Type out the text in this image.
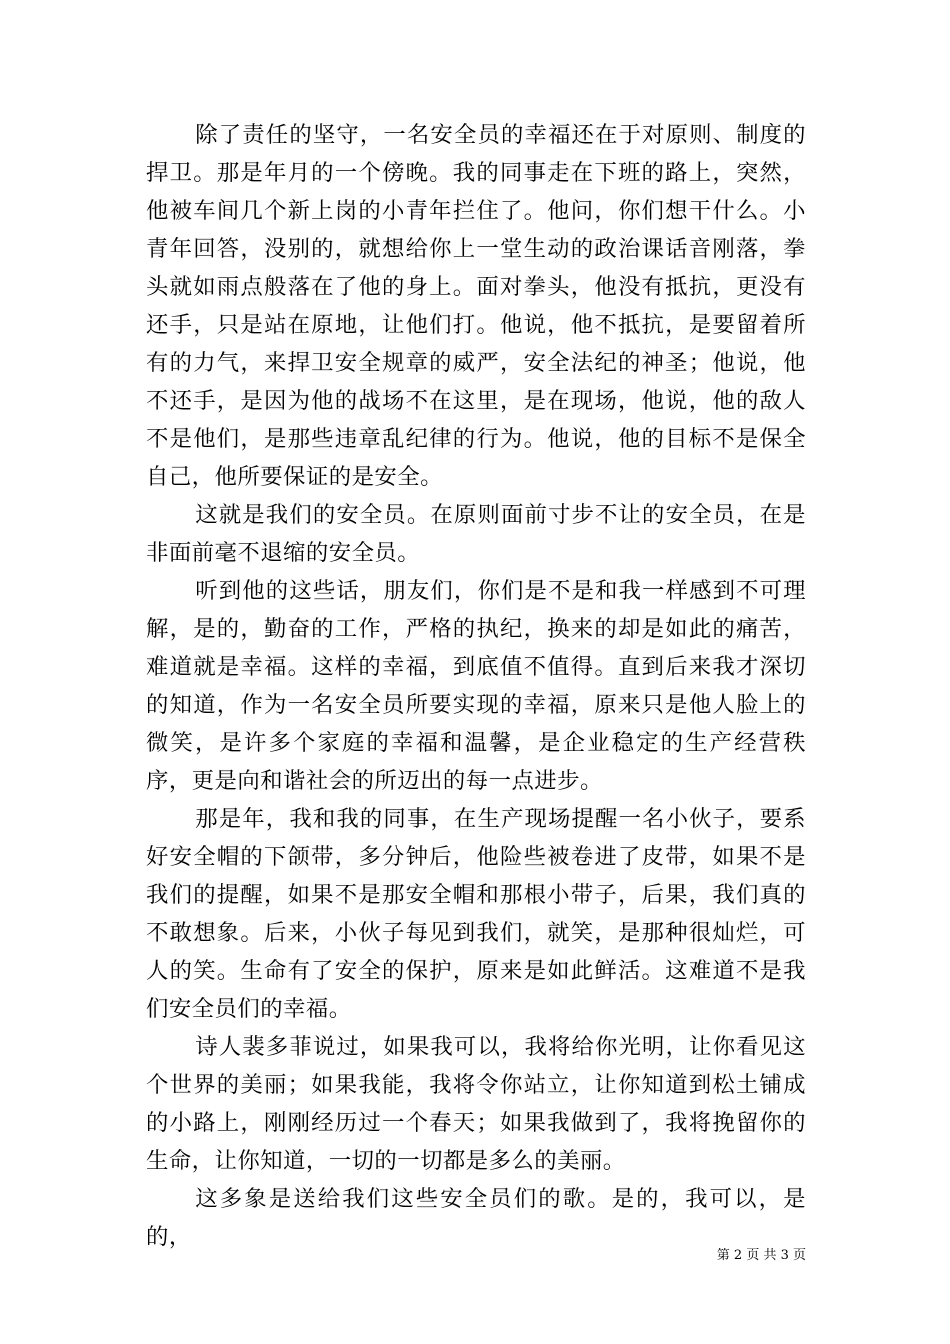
除了责任的坚守，一名安全员的幸福还在于对原则、制度的捍卫。那是年月的一个傍晚。我的同事走在下班的路上，突然，他被车间几个新上岗的小青年拦住了。他问，你们想干什么。小青年回答，没别的，就想给你上一堂生动的政治课话音刚落，拳头就如雨点般落在了他的身上。面对拳头，他没有抵抗，更没有还手，只是站在原地，让他们打。他说，他不抵抗，是要留着所有的力气，来捍卫安全规章的威严，安全法纪的神圣；他说，他不还手，是因为他的战场不在这里，是在现场，他说，他的敌人不是他们，是那些违章乱纪律的行为。他说，他的目标不是保全自己，他所要保证的是安全。

这就是我们的安全员。在原则面前寸步不让的安全员，在是非面前毫不退缩的安全员。

听到他的这些话，朋友们，你们是不是和我一样感到不可理解，是的，勤奋的工作，严格的执纪，换来的却是如此的痛苦，难道就是幸福。这样的幸福，到底值不值得。直到后来我才深切的知道，作为一名安全员所要实现的幸福，原来只是他人脸上的微笑，是许多个家庭的幸福和温馨，是企业稳定的生产经营秩序，更是向和谐社会的所迈出的每一点进步。

那是年，我和我的同事，在生产现场提醒一名小伙子，要系好安全帽的下颌带，多分钟后，他险些被卷进了皮带，如果不是我们的提醒，如果不是那安全帽和那根小带子，后果，我们真的不敢想象。后来，小伙子每见到我们，就笑，是那种很灿烂，可人的笑。生命有了安全的保护，原来是如此鲜活。这难道不是我们安全员们的幸福。

诗人裴多菲说过，如果我可以，我将给你光明，让你看见这个世界的美丽；如果我能，我将令你站立，让你知道到松土铺成的小路上，刚刚经历过一个春天；如果我做到了，我将挽留你的生命，让你知道，一切的一切都是多么的美丽。

这多象是送给我们这些安全员们的歌。是的，我可以，是的，

第 2 页 共 3 页
